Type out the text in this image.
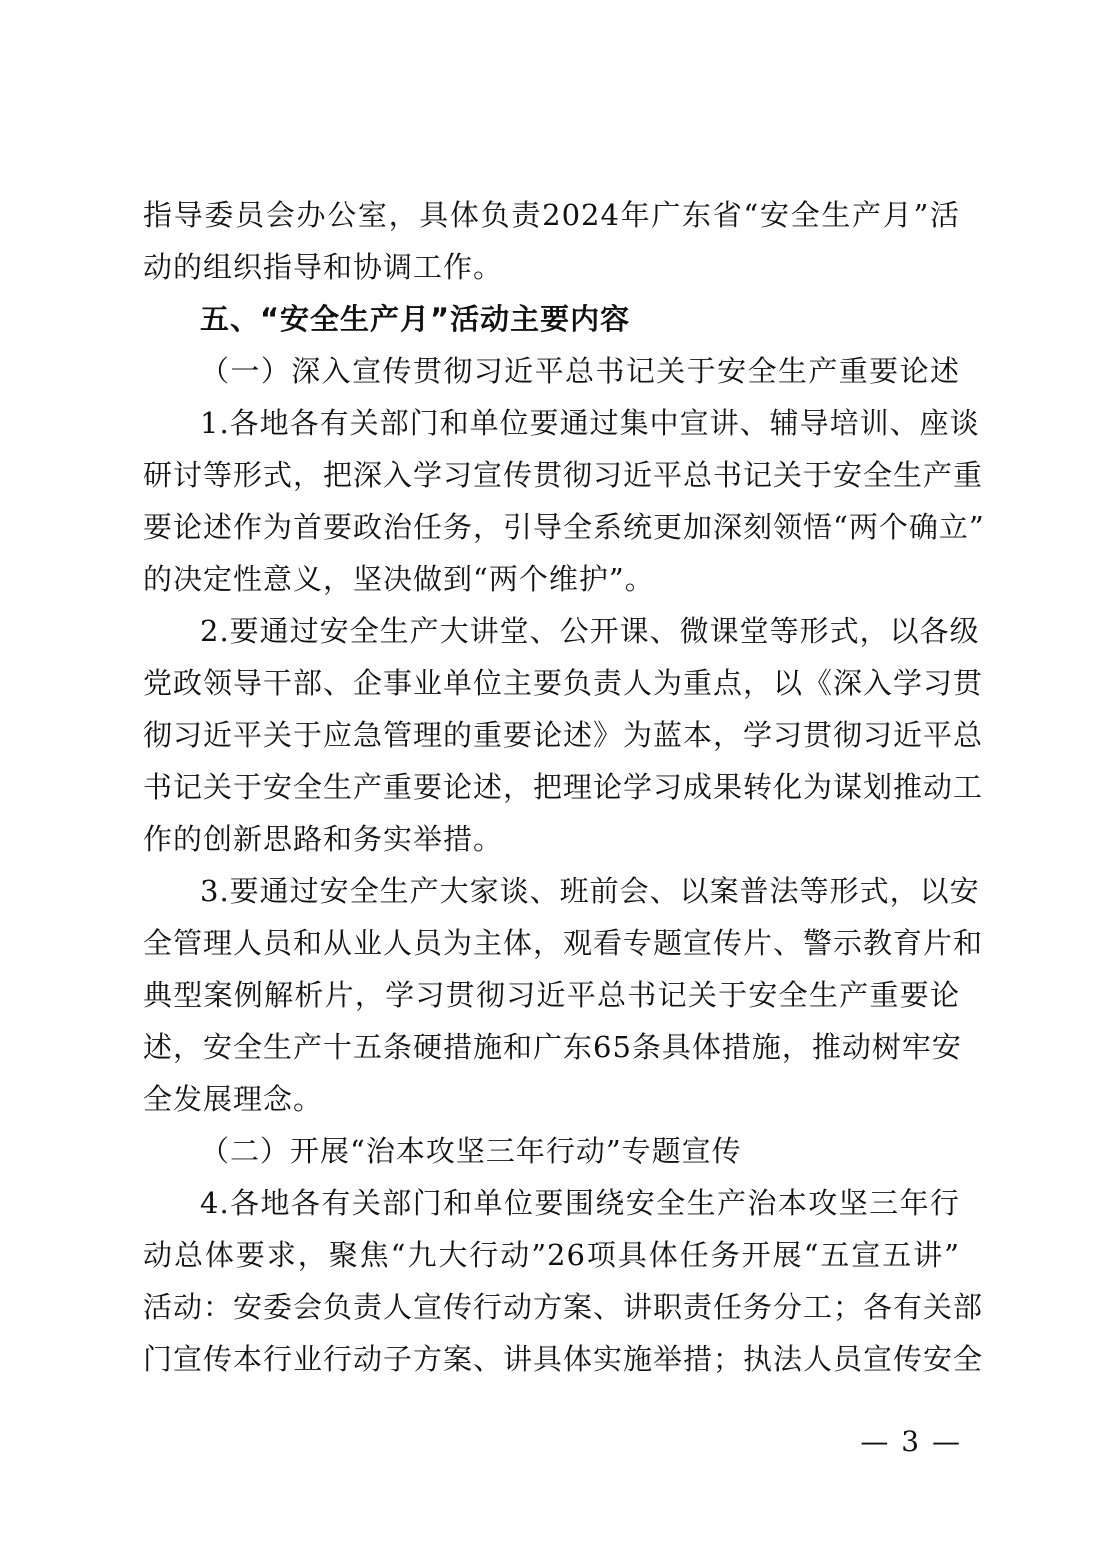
指导委员会办公室，具体负责2024年广东省“安全生产月”活
动的组织指导和协调工作。
五、“安全生产月”活动主要内容
（一）深入宣传贯彻习近平总书记关于安全生产重要论述
1.各地各有关部门和单位要通过集中宣讲、辅导培训、座谈
研讨等形式，把深入学习宣传贯彻习近平总书记关于安全生产重
要论述作为首要政治任务，引导全系统更加深刻领悟“两个确立”
的决定性意义，坚决做到“两个维护”。
2.要通过安全生产大讲堂、公开课、微课堂等形式，以各级
党政领导干部、企事业单位主要负责人为重点，以《深入学习贯
彻习近平关于应急管理的重要论述》为蓝本，学习贯彻习近平总
书记关于安全生产重要论述，把理论学习成果转化为谋划推动工
作的创新思路和务实举措。
3.要通过安全生产大家谈、班前会、以案普法等形式，以安
全管理人员和从业人员为主体，观看专题宣传片、警示教育片和
典型案例解析片，学习贯彻习近平总书记关于安全生产重要论
述，安全生产十五条硬措施和广东65条具体措施，推动树牢安
全发展理念。
（二）开展“治本攻坚三年行动”专题宣传
4.各地各有关部门和单位要围绕安全生产治本攻坚三年行
动总体要求，聚焦“九大行动”26项具体任务开展“五宣五讲”
活动：安委会负责人宣传行动方案、讲职责任务分工；各有关部
门宣传本行业行动子方案、讲具体实施举措；执法人员宣传安全
— 3 —
